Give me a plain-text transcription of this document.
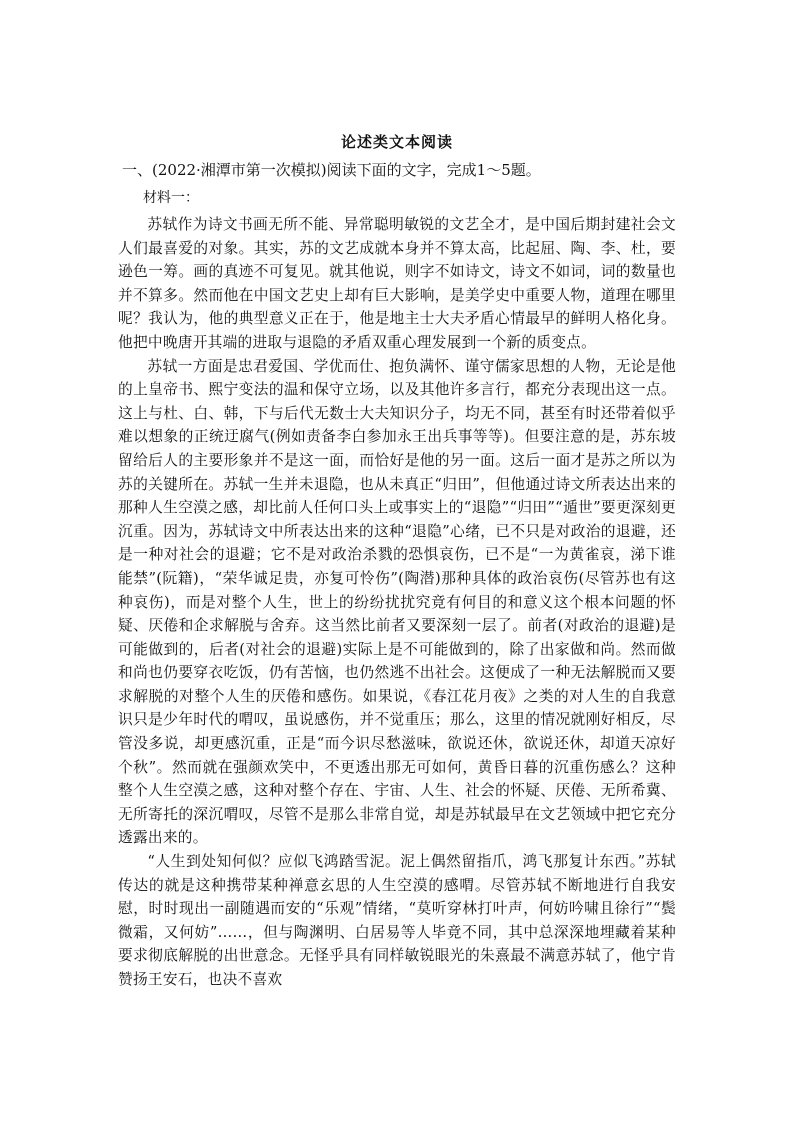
论述类文本阅读
一、(2022·湘潭市第一次模拟)阅读下面的文字，完成1～5题。
材料一：

苏轼作为诗文书画无所不能、异常聪明敏锐的文艺全才，是中国后期封建社会文人们最喜爱的对象。其实，苏的文艺成就本身并不算太高，比起屈、陶、李、杜，要逊色一筹。画的真迹不可复见。就其他说，则字不如诗文，诗文不如词，词的数量也并不算多。然而他在中国文艺史上却有巨大影响，是美学史中重要人物，道理在哪里呢？我认为，他的典型意义正在于，他是地主士大夫矛盾心情最早的鲜明人格化身。他把中晚唐开其端的进取与退隐的矛盾双重心理发展到一个新的质变点。

苏轼一方面是忠君爱国、学优而仕、抱负满怀、谨守儒家思想的人物，无论是他的上皇帝书、熙宁变法的温和保守立场，以及其他许多言行，都充分表现出这一点。这上与杜、白、韩，下与后代无数士大夫知识分子，均无不同，甚至有时还带着似乎难以想象的正统迂腐气(例如责备李白参加永王出兵事等等)。但要注意的是，苏东坡留给后人的主要形象并不是这一面，而恰好是他的另一面。这后一面才是苏之所以为苏的关键所在。苏轼一生并未退隐，也从未真正“归田”，但他通过诗文所表达出来的那种人生空漠之感，却比前人任何口头上或事实上的“退隐”“归田”“遁世”要更深刻更沉重。因为，苏轼诗文中所表达出来的这种“退隐”心绪，已不只是对政治的退避，还是一种对社会的退避；它不是对政治杀戮的恐惧哀伤，已不是“一为黄雀哀，涕下谁能禁”(阮籍)，“荣华诚足贵，亦复可怜伤”(陶潜)那种具体的政治哀伤(尽管苏也有这种哀伤)，而是对整个人生，世上的纷纷扰扰究竟有何目的和意义这个根本问题的怀疑、厌倦和企求解脱与舍弃。这当然比前者又要深刻一层了。前者(对政治的退避)是可能做到的，后者(对社会的退避)实际上是不可能做到的，除了出家做和尚。然而做和尚也仍要穿衣吃饭，仍有苦恼，也仍然逃不出社会。这便成了一种无法解脱而又要求解脱的对整个人生的厌倦和感伤。如果说，《春江花月夜》之类的对人生的自我意识只是少年时代的喟叹，虽说感伤，并不觉重压；那么，这里的情况就刚好相反，尽管没多说，却更感沉重，正是“而今识尽愁滋味，欲说还休，欲说还休，却道天凉好个秋”。然而就在强颜欢笑中，不更透出那无可如何，黄昏日暮的沉重伤感么？这种整个人生空漠之感，这种对整个存在、宇宙、人生、社会的怀疑、厌倦、无所希冀、无所寄托的深沉喟叹，尽管不是那么非常自觉，却是苏轼最早在文艺领域中把它充分透露出来的。

“人生到处知何似？应似飞鸿踏雪泥。泥上偶然留指爪，鸿飞那复计东西。”苏轼传达的就是这种携带某种禅意玄思的人生空漠的感喟。尽管苏轼不断地进行自我安慰，时时现出一副随遇而安的“乐观”情绪，“莫听穿林打叶声，何妨吟啸且徐行”“鬓微霜，又何妨”……，但与陶渊明、白居易等人毕竟不同，其中总深深地埋藏着某种要求彻底解脱的出世意念。无怪乎具有同样敏锐眼光的朱熹最不满意苏轼了，他宁肯赞扬王安石，也决不喜欢
